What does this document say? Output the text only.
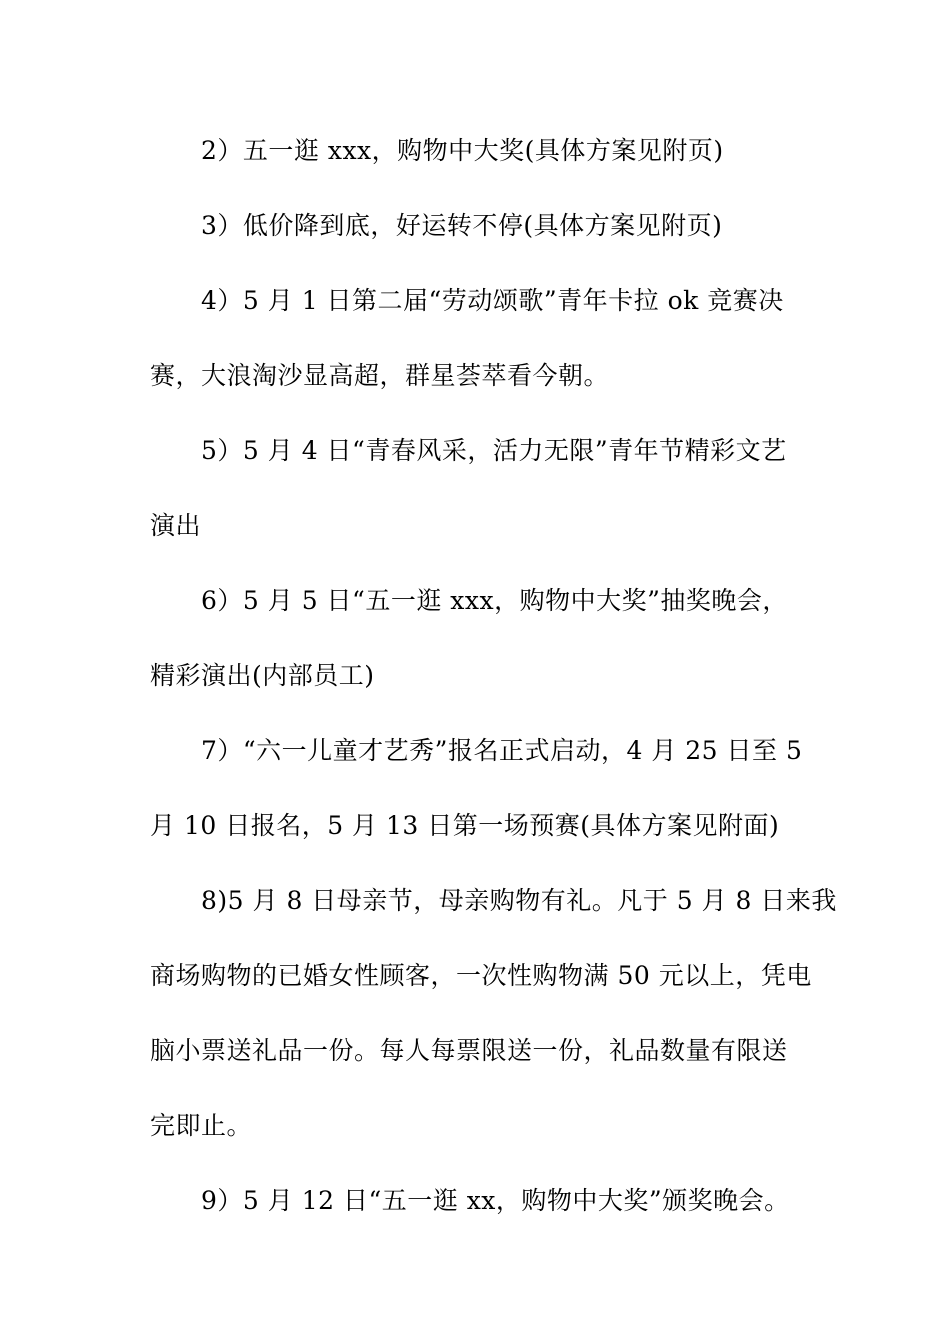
2）五一逛 xxx，购物中大奖(具体方案见附页)
3）低价降到底，好运转不停(具体方案见附页)
4）5 月 1 日第二届“劳动颂歌”青年卡拉 ok 竞赛决
赛，大浪淘沙显高超，群星荟萃看今朝。
5）5 月 4 日“青春风采，活力无限”青年节精彩文艺
演出
6）5 月 5 日“五一逛 xxx，购物中大奖”抽奖晚会，
精彩演出(内部员工)
7）“六一儿童才艺秀”报名正式启动，4 月 25 日至 5
月 10 日报名，5 月 13 日第一场预赛(具体方案见附面)
8)5 月 8 日母亲节，母亲购物有礼。凡于 5 月 8 日来我
商场购物的已婚女性顾客，一次性购物满 50 元以上，凭电
脑小票送礼品一份。每人每票限送一份，礼品数量有限送
完即止。
9）5 月 12 日“五一逛 xx，购物中大奖”颁奖晚会。
